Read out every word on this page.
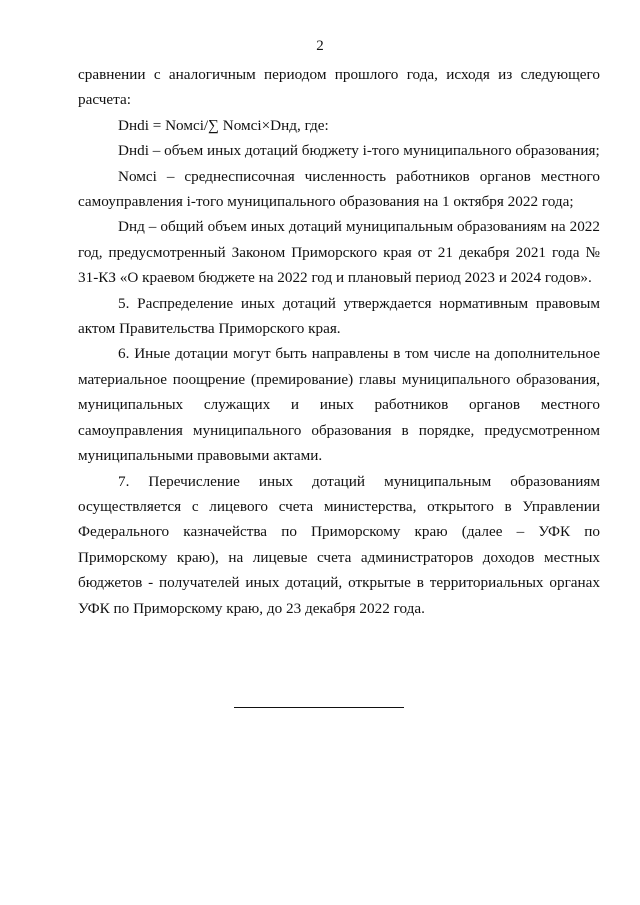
2

сравнении с аналогичным периодом прошлого года, исходя из следующего расчета:

Dнdi = Nомсi/∑ Nомсi×Dнд, где:

Dнdi – объем иных дотаций бюджету i-того муниципального образования;

Nомсi – среднесписочная численность работников органов местного самоуправления i-того муниципального образования на 1 октября 2022 года;

Dнд – общий объем иных дотаций муниципальным образованиям на 2022 год, предусмотренный Законом Приморского края от 21 декабря 2021 года № 31-КЗ «О краевом бюджете на 2022 год и плановый период 2023 и 2024 годов».

5. Распределение иных дотаций утверждается нормативным правовым актом Правительства Приморского края.

6. Иные дотации могут быть направлены в том числе на дополнительное материальное поощрение (премирование) главы муниципального образования, муниципальных служащих и иных работников органов местного самоуправления муниципального образования в порядке, предусмотренном муниципальными правовыми актами.

7. Перечисление иных дотаций муниципальным образованиям осуществляется с лицевого счета министерства, открытого в Управлении Федерального казначейства по Приморскому краю (далее – УФК по Приморскому краю), на лицевые счета администраторов доходов местных бюджетов - получателей иных дотаций, открытые в территориальных органах УФК по Приморскому краю, до 23 декабря 2022 года.
